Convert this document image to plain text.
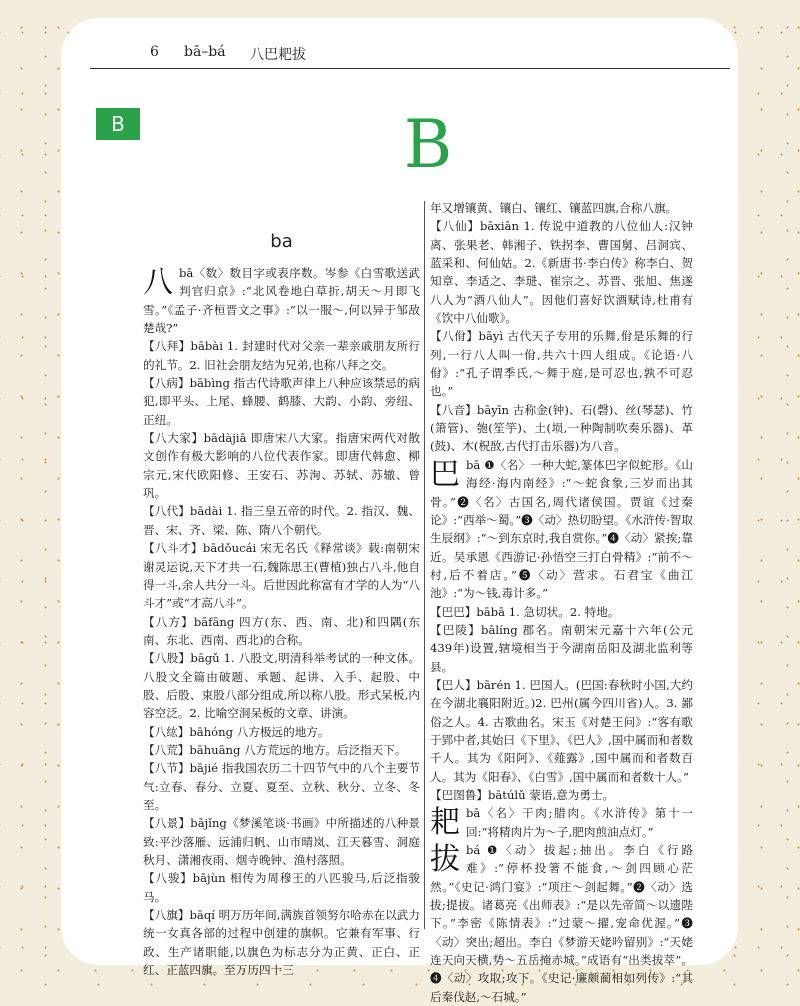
6 bā–bá 八巴耙拔
B	B
ba

八bā〈数〉数目字或表序数。岑参《白雪歌送武判官归京》:“北风卷地白草折,胡天～月即飞雪。”《孟子·齐桓晋文之事》:“以一服～,何以异于邹敌楚哉?”

【八拜】bābài 1. 封建时代对父亲一辈亲戚朋友所行的礼节。2. 旧社会朋友结为兄弟,也称八拜之交。

【八病】bābìng 指古代诗歌声律上八种应该禁忌的病犯,即平头、上尾、蜂腰、鹤膝、大韵、小韵、旁纽、正纽。

【八大家】bādàjiā 即唐宋八大家。指唐宋两代对散文创作有极大影响的八位代表作家。即唐代韩愈、柳宗元,宋代欧阳修、王安石、苏洵、苏轼、苏辙、曾巩。

【八代】bādài 1. 指三皇五帝的时代。2. 指汉、魏、晋、宋、齐、梁、陈、隋八个朝代。

【八斗才】bādǒucái 宋无名氏《释常谈》载:南朝宋谢灵运说,天下才共一石,魏陈思王(曹植)独占八斗,他自得一斗,余人共分一斗。后世因此称富有才学的人为“八斗才”或“才高八斗”。

【八方】bāfāng 四方(东、西、南、北)和四隅(东南、东北、西南、西北)的合称。

【八股】bāgǔ 1. 八股文,明清科举考试的一种文体。八股文全篇由破题、承题、起讲、入手、起股、中股、后股、束股八部分组成,所以称八股。形式呆板,内容空泛。2. 比喻空洞呆板的文章、讲演。

【八纮】bāhóng 八方极远的地方。

【八荒】bāhuāng 八方荒远的地方。后泛指天下。

【八节】bājié 指我国农历二十四节气中的八个主要节气:立春、春分、立夏、夏至、立秋、秋分、立冬、冬至。

【八景】bājǐng《梦溪笔谈·书画》中所描述的八种景致:平沙落雁、远浦归帆、山市晴岚、江天暮雪、洞庭秋月、潇湘夜雨、烟寺晚钟、渔村落照。

【八骏】bājùn 相传为周穆王的八匹骏马,后泛指骏马。

【八旗】bāqí 明万历年间,满族首领努尔哈赤在以武力统一女真各部的过程中创建的旗帜。它兼有军事、行政、生产诸职能,以旗色为标志分为正黄、正白、正红、正蓝四旗。至万历四十三

年又增镶黄、镶白、镶红、镶蓝四旗,合称八旗。

【八仙】bāxiān 1. 传说中道教的八位仙人:汉钟离、张果老、韩湘子、铁拐李、曹国舅、吕洞宾、蓝采和、何仙姑。2.《新唐书·李白传》称李白、贺知章、李适之、李琎、崔宗之、苏晋、张旭、焦遂八人为“酒八仙人”。因他们喜好饮酒赋诗,杜甫有《饮中八仙歌》。

【八佾】bāyì 古代天子专用的乐舞,佾是乐舞的行列,一行八人叫一佾,共六十四人组成。《论语·八佾》:“孔子谓季氏,～舞于庭,是可忍也,孰不可忍也。”

【八音】bāyīn 古称金(钟)、石(磬)、丝(琴瑟)、竹(箫管)、匏(笙竽)、土(埙,一种陶制吹奏乐器)、革(鼓)、木(柷敔,古代打击乐器)为八音。

巴bā ❶〈名〉一种大蛇,篆体巴字似蛇形。《山海经·海内南经》:“～蛇食象,三岁而出其骨。”❷〈名〉古国名,周代诸侯国。贾谊《过秦论》:“西举～蜀。”❸〈动〉热切盼望。《水浒传·智取生辰纲》:“～到东京时,我自赏你。”❹〈动〉紧挨;靠近。吴承恩《西游记·孙悟空三打白骨精》:“前不～村,后不着店。”❺〈动〉营求。石君宝《曲江池》:“为～钱,毒计多。”

【巴巴】bābā 1. 急切状。2. 特地。

【巴陵】bālíng 郡名。南朝宋元嘉十六年(公元439年)设置,辖境相当于今湖南岳阳及湖北监利等县。

【巴人】bārén 1. 巴国人。(巴国:春秋时小国,大约在今湖北襄阳附近。)2. 巴州(属今四川省)人。3. 鄙俗之人。4. 古歌曲名。宋玉《对楚王问》:“客有歌于郢中者,其始曰《下里》、《巴人》,国中属而和者数千人。其为《阳阿》、《薤露》,国中属而和者数百人。其为《阳春》、《白雪》,国中属而和者数十人。”

【巴图鲁】bātúlǔ 蒙语,意为勇士。

耙bā〈名〉干肉;腊肉。《水浒传》第十一回:“将精肉片为～子,肥肉煎油点灯。”

拔bá ❶〈动〉拔起;抽出。李白《行路难》:“停杯投箸不能食,～剑四顾心茫然。”《史记·鸿门宴》:“项庄～剑起舞。”❷〈动〉选拔;提拔。诸葛亮《出师表》:“是以先帝简～以遗陛下。”李密《陈情表》:“过蒙～擢,宠命优渥。”❸〈动〉突出;超出。李白《梦游天姥吟留别》:“天姥连天向天横,势～五岳掩赤城。”成语有“出类拔萃”。❹〈动〉攻取;攻下。《史记·廉颇蔺相如列传》:“其后秦伐赵,～石城。”
